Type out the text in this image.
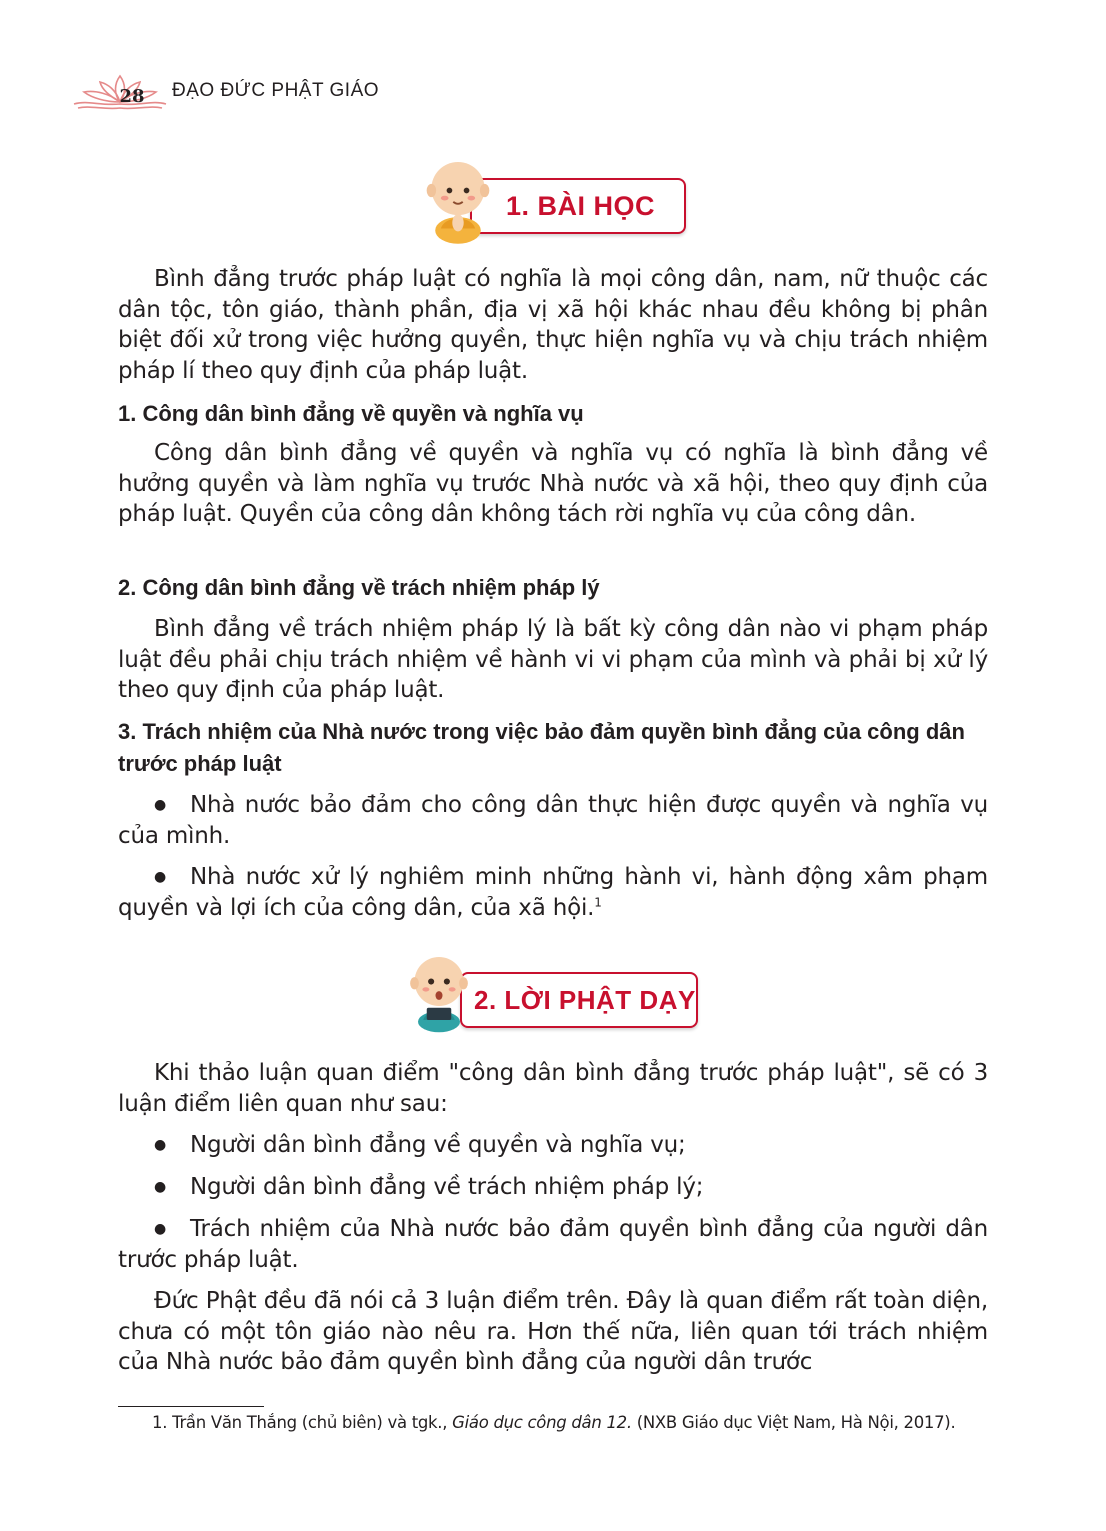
28	ĐẠO ĐỨC PHẬT GIÁO
1. BÀI HỌC

Bình đẳng trước pháp luật có nghĩa là mọi công dân, nam, nữ thuộc các dân tộc, tôn giáo, thành phần, địa vị xã hội khác nhau đều không bị phân biệt đối xử trong việc hưởng quyền, thực hiện nghĩa vụ và chịu trách nhiệm pháp lí theo quy định của pháp luật.

1. Công dân bình đẳng về quyền và nghĩa vụ

Công dân bình đẳng về quyền và nghĩa vụ có nghĩa là bình đẳng về hưởng quyền và làm nghĩa vụ trước Nhà nước và xã hội, theo quy định của pháp luật. Quyền của công dân không tách rời nghĩa vụ của công dân.

2. Công dân bình đẳng về trách nhiệm pháp lý

Bình đẳng về trách nhiệm pháp lý là bất kỳ công dân nào vi phạm pháp luật đều phải chịu trách nhiệm về hành vi vi phạm của mình và phải bị xử lý theo quy định của pháp luật.

3. Trách nhiệm của Nhà nước trong việc bảo đảm quyền bình đẳng của công dân trước pháp luật

● Nhà nước bảo đảm cho công dân thực hiện được quyền và nghĩa vụ của mình.

● Nhà nước xử lý nghiêm minh những hành vi, hành động xâm phạm quyền và lợi ích của công dân, của xã hội.$^1$

2. LỜI PHẬT DẠY

Khi thảo luận quan điểm "công dân bình đẳng trước pháp luật", sẽ có 3 luận điểm liên quan như sau:

● Người dân bình đẳng về quyền và nghĩa vụ;

● Người dân bình đẳng về trách nhiệm pháp lý;

● Trách nhiệm của Nhà nước bảo đảm quyền bình đẳng của người dân trước pháp luật.

Đức Phật đều đã nói cả 3 luận điểm trên. Đây là quan điểm rất toàn diện, chưa có một tôn giáo nào nêu ra. Hơn thế nữa, liên quan tới trách nhiệm của Nhà nước bảo đảm quyền bình đẳng của người dân trước

1. Trần Văn Thắng (chủ biên) và tgk., Giáo dục công dân 12. (NXB Giáo dục Việt Nam, Hà Nội, 2017).
